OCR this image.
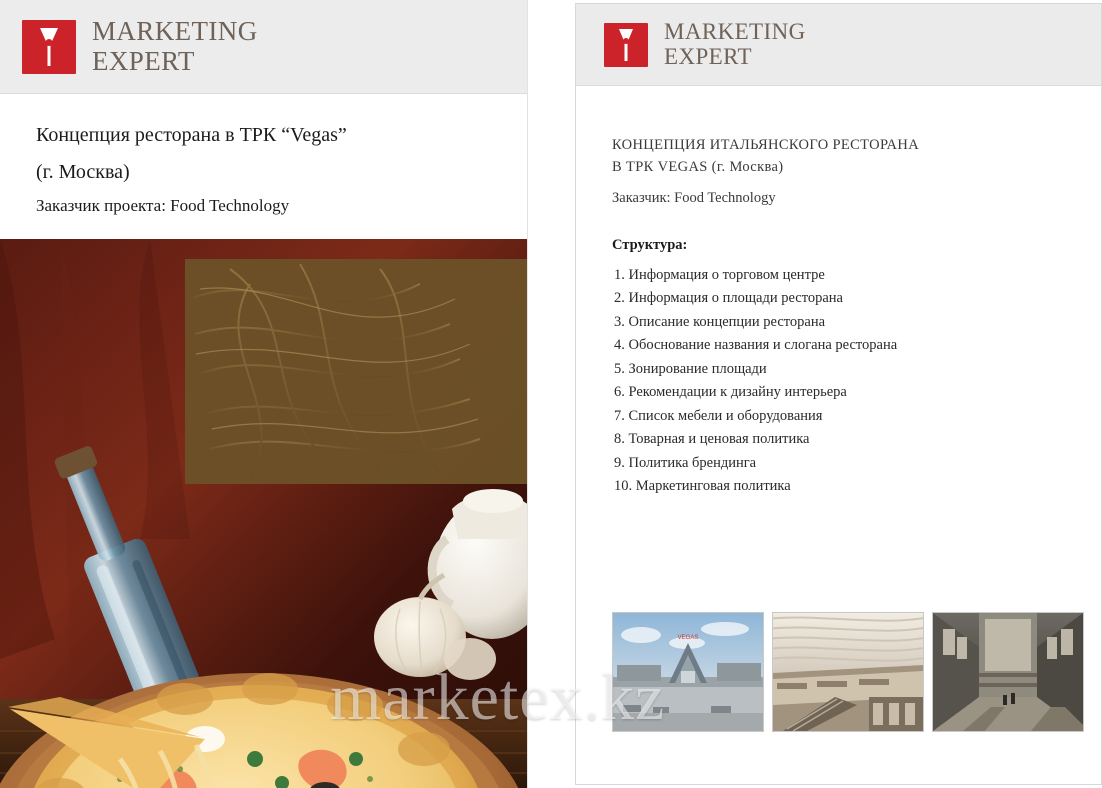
MARKETING
EXPERT
Концепция ресторана в ТРК “Vegas”
(г. Москва)
Заказчик проекта: Food Technology
MARKETING
EXPERT
КОНЦЕПЦИЯ ИТАЛЬЯНСКОГО РЕСТОРАНА
В ТРК VEGAS (г. Москва)
Заказчик: Food Technology
Структура:
1. Информация о торговом центре
2. Информация о площади ресторана
3. Описание концепции ресторана
4. Обоснование названия и слогана ресторана
5. Зонирование площади
6. Рекомендации к дизайну интерьера
7. Список мебели и оборудования
8. Товарная и ценовая политика
9. Политика брендинга
10. Маркетинговая политика
VEGAS
marketex.kz
